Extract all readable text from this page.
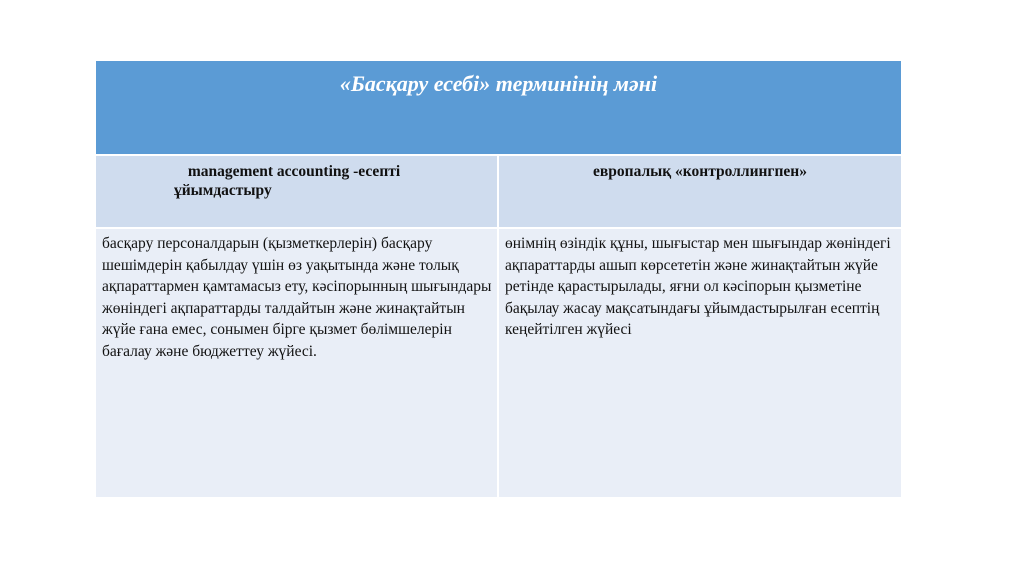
«Басқару есебі» терминінің мәні
management accounting -есепті
ұйымдастыру
европалық «контроллингпен»
басқару персоналдарын (қызметкерлерін) басқару шешімдерін қабылдау үшін өз уақытында және толық ақпараттармен қамтамасыз ету, кәсіпорынның шығындары жөніндегі ақпараттарды талдайтын және жинақтайтын жүйе ғана емес, сонымен бірге қызмет бөлімшелерін бағалау және бюджеттеу жүйесі.
өнімнің өзіндік құны, шығыстар мен шығындар жөніндегі ақпараттарды ашып көрсететін және жинақтайтын жүйе ретінде қарастырылады, яғни ол кәсіпорын қызметіне бақылау жасау мақсатындағы ұйымдастырылған есептің кеңейтілген жүйесі
